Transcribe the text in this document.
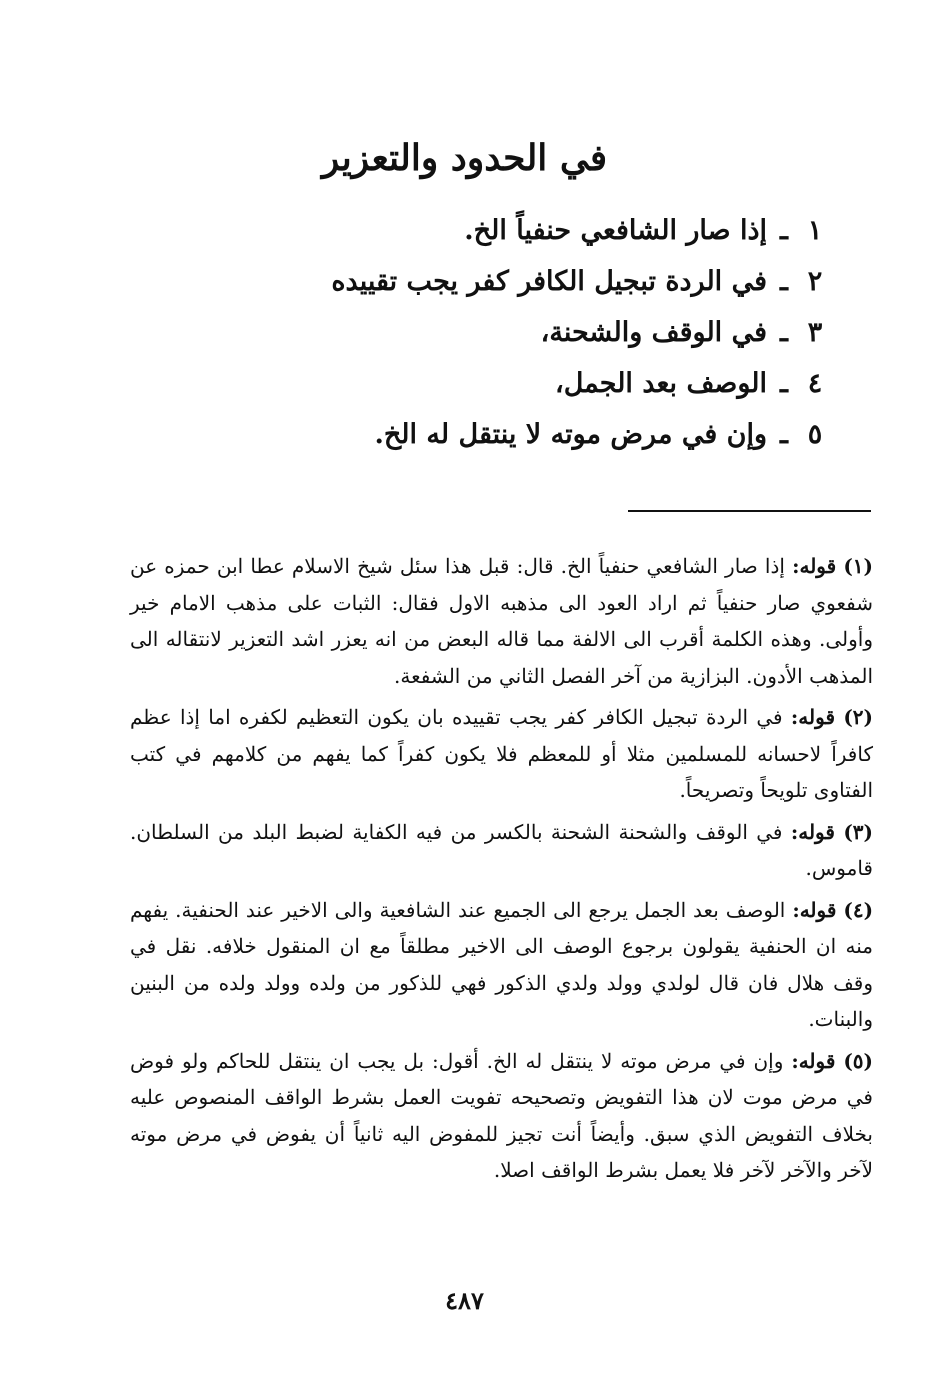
في الحدود والتعزير
١ـإذا صار الشافعي حنفياً الخ.
٢ـفي الردة تبجيل الكافر كفر يجب تقييده
٣ـفي الوقف والشحنة،
٤ـالوصف بعد الجمل،
٥ـوإن في مرض موته لا ينتقل له الخ.

(١) قوله: إذا صار الشافعي حنفياً الخ. قال: قبل هذا سئل شيخ الاسلام عطا ابن حمزه عن شفعوي صار حنفياً ثم اراد العود الى مذهبه الاول فقال: الثبات على مذهب الامام خير وأولى. وهذه الكلمة أقرب الى الالفة مما قاله البعض من انه يعزر اشد التعزير لانتقاله الى المذهب الأدون. البزازية من آخر الفصل الثاني من الشفعة.

(٢) قوله: في الردة تبجيل الكافر كفر يجب تقييده بان يكون التعظيم لكفره اما إذا عظم كافراً لاحسانه للمسلمين مثلا أو للمعظم فلا يكون كفراً كما يفهم من كلامهم في كتب الفتاوى تلويحاً وتصريحاً.

(٣) قوله: في الوقف والشحنة الشحنة بالكسر من فيه الكفاية لضبط البلد من السلطان. قاموس.

(٤) قوله: الوصف بعد الجمل يرجع الى الجميع عند الشافعية والى الاخير عند الحنفية. يفهم منه ان الحنفية يقولون برجوع الوصف الى الاخير مطلقاً مع ان المنقول خلافه. نقل في وقف هلال فان قال لولدي وولد ولدي الذكور فهي للذكور من ولده وولد ولده من البنين والبنات.

(٥) قوله: وإن في مرض موته لا ينتقل له الخ. أقول: بل يجب ان ينتقل للحاكم ولو فوض في مرض موت لان هذا التفويض وتصحيحه تفويت العمل بشرط الواقف المنصوص عليه بخلاف التفويض الذي سبق. وأيضاً أنت تجيز للمفوض اليه ثانياً أن يفوض في مرض موته لآخر والآخر لآخر فلا يعمل بشرط الواقف اصلا.

٤٨٧
